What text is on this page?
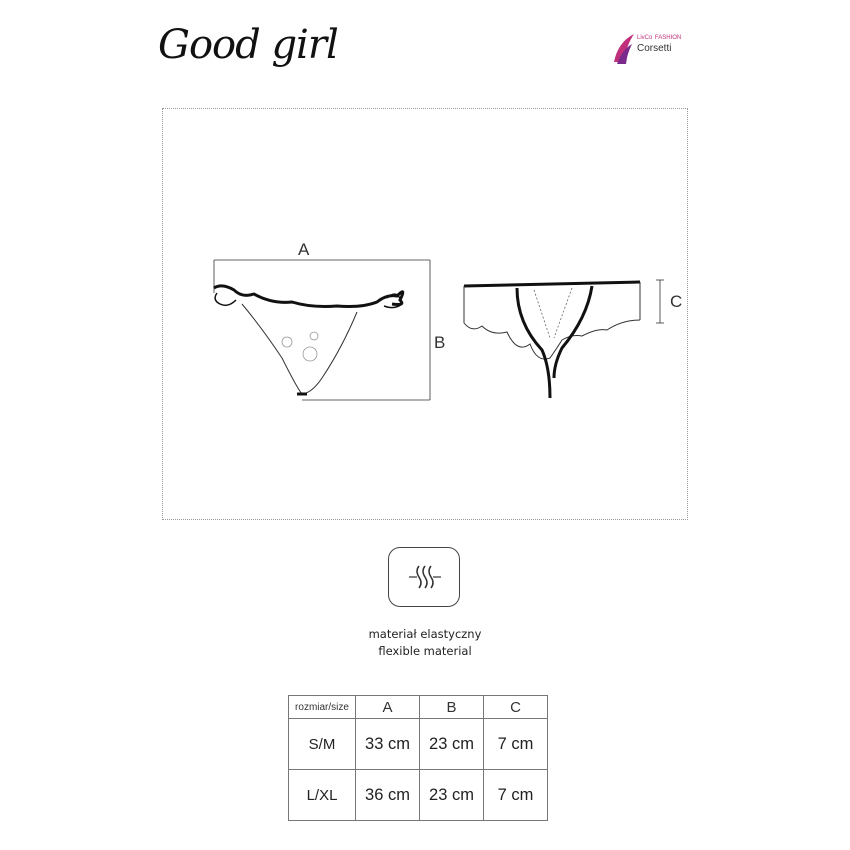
Good girl	LivCo FASHION
Corsetti
A
B
C
materiał elastyczny
flexible material
rozmiar/size	A	B	C
S/M	33 cm	23 cm	7 cm
L/XL	36 cm	23 cm	7 cm
